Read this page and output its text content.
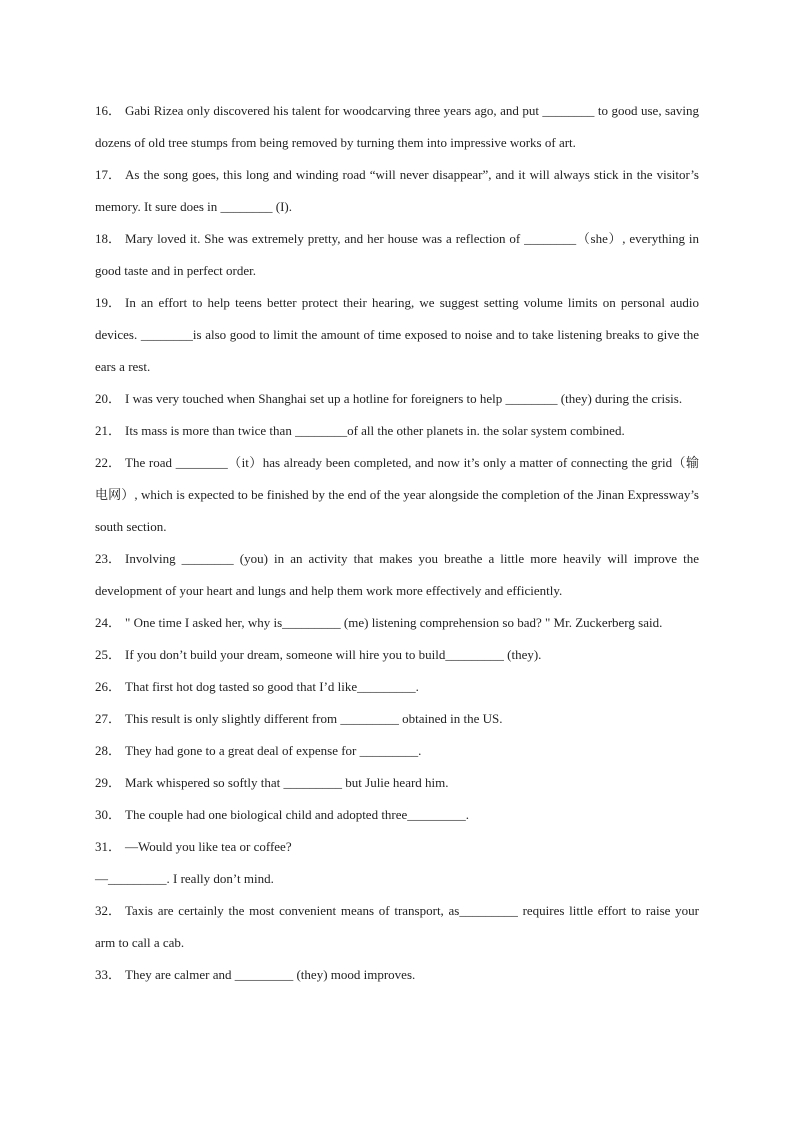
16． Gabi Rizea only discovered his talent for woodcarving three years ago, and put ________ to good use, saving dozens of old tree stumps from being removed by turning them into impressive works of art.

17． As the song goes, this long and winding road “will never disappear”, and it will always stick in the visitor’s memory. It sure does in ________ (I).

18． Mary loved it. She was extremely pretty, and her house was a reflection of ________（she）, everything in good taste and in perfect order.

19． In an effort to help teens better protect their hearing, we suggest setting volume limits on personal audio devices. ________is also good to limit the amount of time exposed to noise and to take listening breaks to give the ears a rest.

20． I was very touched when Shanghai set up a hotline for foreigners to help ________ (they) during the crisis.

21． Its mass is more than twice than ________of all the other planets in. the solar system combined.

22． The road ________（it）has already been completed, and now it’s only a matter of connecting the grid（输电网）, which is expected to be finished by the end of the year alongside the completion of the Jinan Expressway’s south section.

23． Involving ________ (you) in an activity that makes you breathe a little more heavily will improve the development of your heart and lungs and help them work more effectively and efficiently.

24． " One time I asked her, why is_________ (me) listening comprehension so bad? " Mr. Zuckerberg said.

25． If you don’t build your dream, someone will hire you to build_________ (they).

26． That first hot dog tasted so good that I’d like_________.

27． This result is only slightly different from _________ obtained in the US.

28． They had gone to a great deal of expense for _________.

29． Mark whispered so softly that _________ but Julie heard him.

30． The couple had one biological child and adopted three_________.

31． —Would you like tea or coffee?

—_________. I really don’t mind.

32． Taxis are certainly the most convenient means of transport, as_________ requires little effort to raise your arm to call a cab.

33． They are calmer and _________ (they) mood improves.
